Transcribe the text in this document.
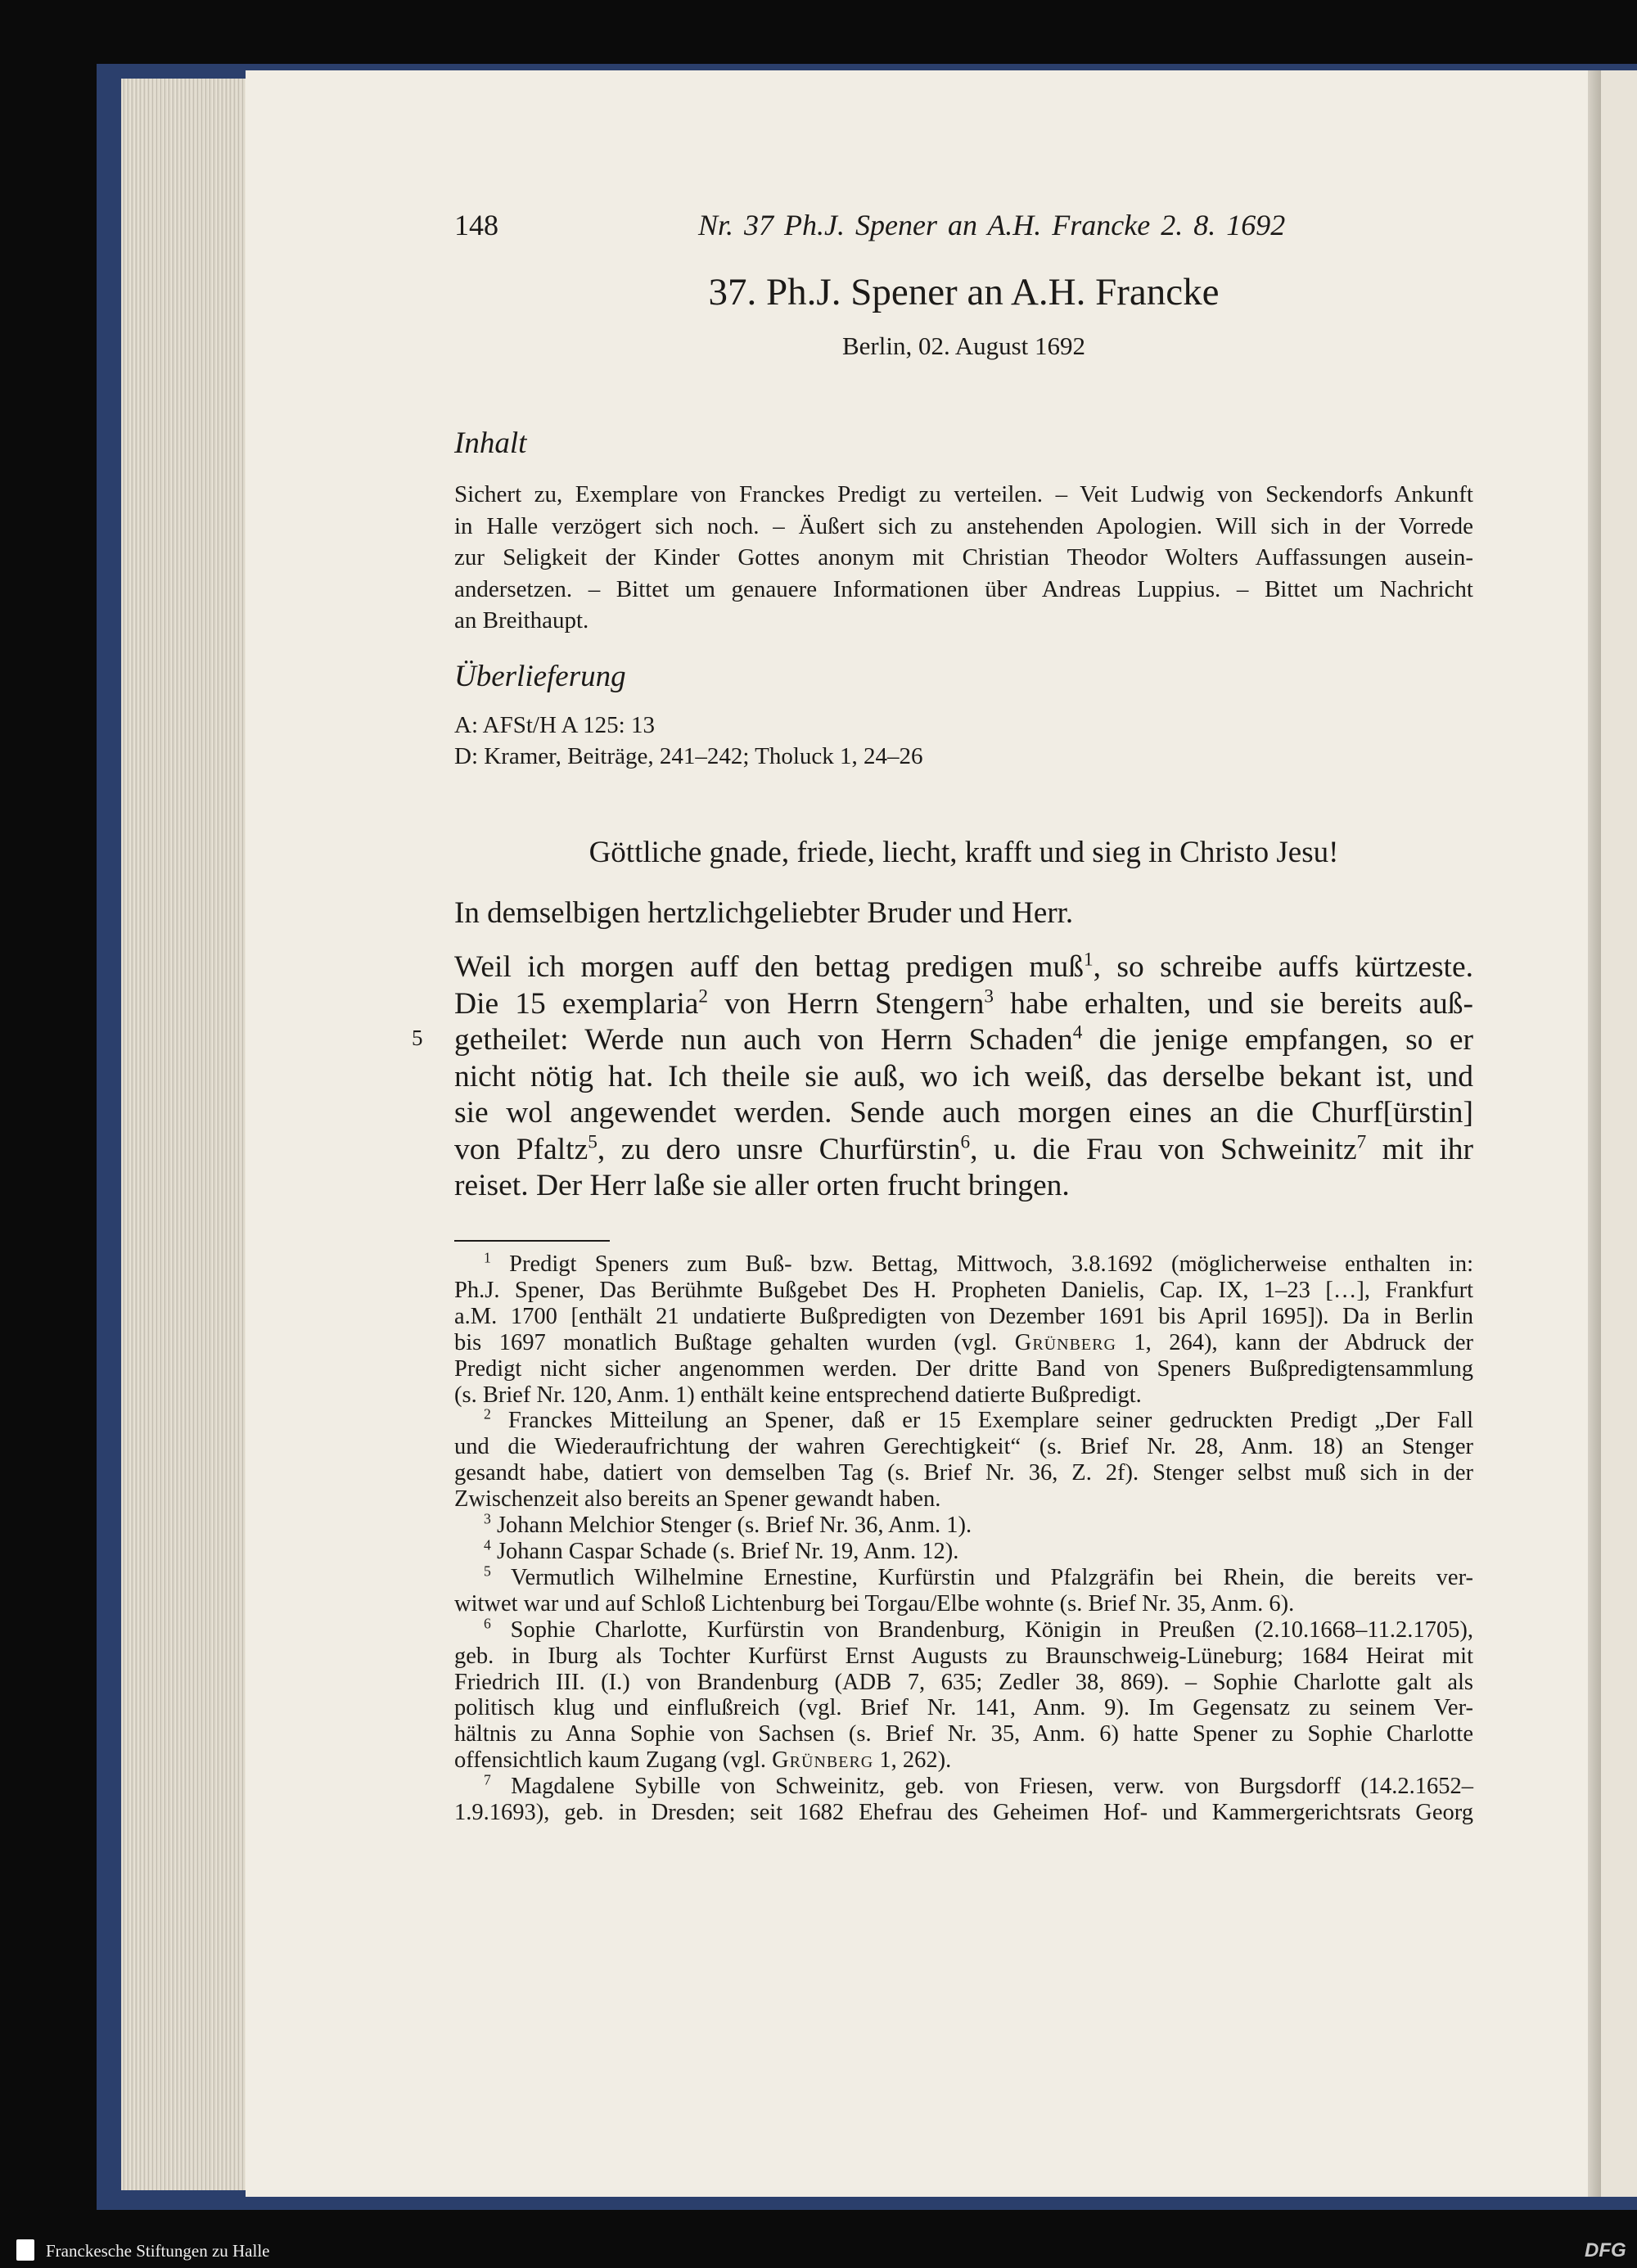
148	Nr. 37 Ph.J. Spener an A.H. Francke 2. 8. 1692
37. Ph.J. Spener an A.H. Francke
Berlin, 02. August 1692
Inhalt
Sichert zu, Exemplare von Franckes Predigt zu verteilen. – Veit Ludwig von Seckendorfs Ankunft
in Halle verzögert sich noch. – Äußert sich zu anstehenden Apologien. Will sich in der Vorrede
zur Seligkeit der Kinder Gottes anonym mit Christian Theodor Wolters Auffassungen ausein-
andersetzen. – Bittet um genauere Informationen über Andreas Luppius. – Bittet um Nachricht
an Breithaupt.
Überlieferung
A: AFSt/H A 125: 13
D: Kramer, Beiträge, 241–242; Tholuck 1, 24–26
Göttliche gnade, friede, liecht, krafft und sieg in Christo Jesu!
In demselbigen hertzlichgeliebter Bruder und Herr.
5
Weil ich morgen auff den bettag predigen muß$^1$, so schreibe auffs kürtzeste.
Die 15 exemplaria$^2$ von Herrn Stengern$^3$ habe erhalten, und sie bereits auß-
getheilet: Werde nun auch von Herrn Schaden$^4$ die jenige empfangen, so er
nicht nötig hat. Ich theile sie auß, wo ich weiß, das derselbe bekant ist, und
sie wol angewendet werden. Sende auch morgen eines an die Churf[ürstin]
von Pfaltz$^5$, zu dero unsre Churfürstin$^6$, u. die Frau von Schweinitz$^7$ mit ihr
reiset. Der Herr laße sie aller orten frucht bringen.
$^1$ Predigt Speners zum Buß- bzw. Bettag, Mittwoch, 3.8.1692 (möglicherweise enthalten in:
Ph.J. Spener, Das Berühmte Bußgebet Des H. Propheten Danielis, Cap. IX, 1–23 […], Frankfurt
a.M. 1700 [enthält 21 undatierte Bußpredigten von Dezember 1691 bis April 1695]). Da in Berlin
bis 1697 monatlich Bußtage gehalten wurden (vgl. Grünberg 1, 264), kann der Abdruck der
Predigt nicht sicher angenommen werden. Der dritte Band von Speners Bußpredigtensammlung
(s. Brief Nr. 120, Anm. 1) enthält keine entsprechend datierte Bußpredigt.
$^2$ Franckes Mitteilung an Spener, daß er 15 Exemplare seiner gedruckten Predigt „Der Fall
und die Wiederaufrichtung der wahren Gerechtigkeit“ (s. Brief Nr. 28, Anm. 18) an Stenger
gesandt habe, datiert von demselben Tag (s. Brief Nr. 36, Z. 2f). Stenger selbst muß sich in der
Zwischenzeit also bereits an Spener gewandt haben.
$^3$ Johann Melchior Stenger (s. Brief Nr. 36, Anm. 1).
$^4$ Johann Caspar Schade (s. Brief Nr. 19, Anm. 12).
$^5$ Vermutlich Wilhelmine Ernestine, Kurfürstin und Pfalzgräfin bei Rhein, die bereits ver-
witwet war und auf Schloß Lichtenburg bei Torgau/Elbe wohnte (s. Brief Nr. 35, Anm. 6).
$^6$ Sophie Charlotte, Kurfürstin von Brandenburg, Königin in Preußen (2.10.1668–11.2.1705),
geb. in Iburg als Tochter Kurfürst Ernst Augusts zu Braunschweig-Lüneburg; 1684 Heirat mit
Friedrich III. (I.) von Brandenburg (ADB 7, 635; Zedler 38, 869). – Sophie Charlotte galt als
politisch klug und einflußreich (vgl. Brief Nr. 141, Anm. 9). Im Gegensatz zu seinem Ver-
hältnis zu Anna Sophie von Sachsen (s. Brief Nr. 35, Anm. 6) hatte Spener zu Sophie Charlotte
offensichtlich kaum Zugang (vgl. Grünberg 1, 262).
$^7$ Magdalene Sybille von Schweinitz, geb. von Friesen, verw. von Burgsdorff (14.2.1652–
1.9.1693), geb. in Dresden; seit 1682 Ehefrau des Geheimen Hof- und Kammergerichtsrats Georg
Franckesche Stiftungen zu Halle	DFG
